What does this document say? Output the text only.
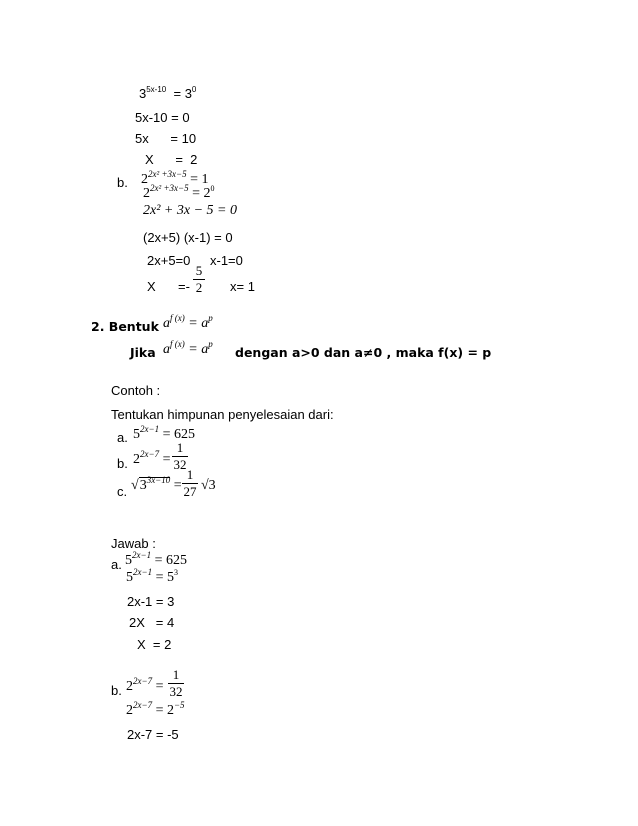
$3^{5x-10} = 3^0$
5x-10 = 0
5x      = 10
X      =  2
b. $2^{2x^2 +3x-5} = 1$
$2^{2x^2 +3x-5} = 2^0$
2x² + 3x − 5 = 0
(2x+5) (x-1) = 0
2x+5=0 x-1=0
X =-
5
2 x= 1
2. Bentuk $a^{f (x)} = a^p$
Jika $a^{f (x)} = a^p$
dengan a>0 dan a≠0 , maka f(x) = p
Contoh :
Tentukan himpunan penyelesaian dari:
a. $5^{2x-1} = 625$
b. $2^{2x-7}$ =
1
32
c. $√3^{3x-10}$ =
1
27 √3
Jawab :
a. $5^{2x-1} = 625$
$5^{2x-1} = 5^3$
2x-1 = 3
2X   = 4
X  = 2
b. $2^{2x-7}$ =
1
32
$2^{2x-7} = 2^{-5}$
2x-7 = -5
